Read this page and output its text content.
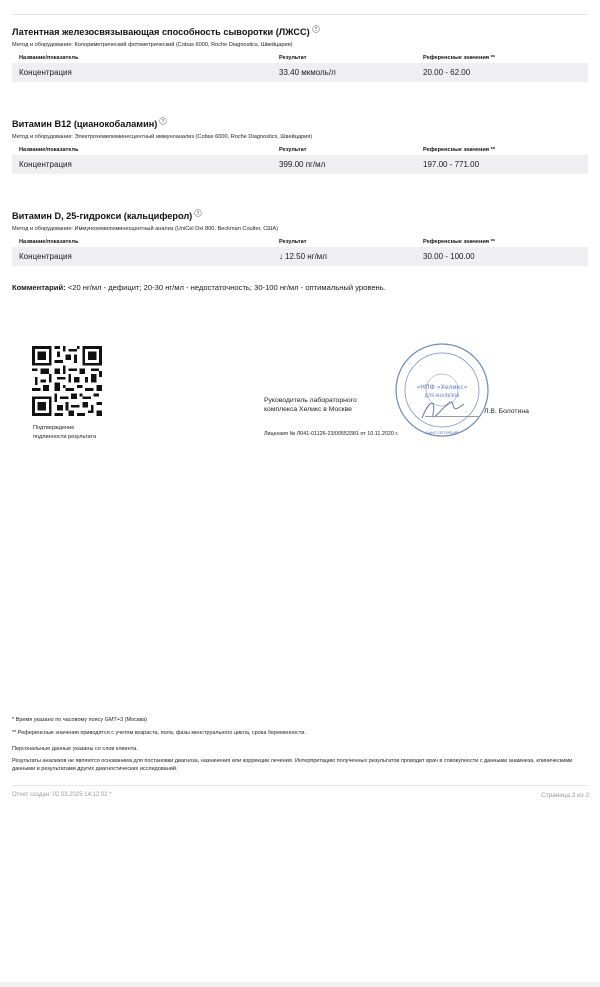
Латентная железосвязывающая способность сыворотки (ЛЖСС) ?
Метод и оборудование: Колориметрический фотометрический (Cobas 6000, Roche Diagnostics, Швейцария)
Название/показатель	Результат	Референсные значения **
Концентрация	33.40 мкмоль/л	20.00 - 62.00
Витамин B12 (цианокобаламин) ?
Метод и оборудование: Электрохемилюминесцентный иммуноанализ (Cobas 6000, Roche Diagnostics, Швейцария)
Название/показатель	Результат	Референсные значения **
Концентрация	399.00 пг/мл	197.00 - 771.00
Витамин D, 25-гидрокси (кальциферол) ?
Метод и оборудование: Иммунохемилюминесцентный анализ (UniCel DxI 800, Beckman Coulter, США)
Название/показатель	Результат	Референсные значения **
Концентрация	↓ 12.50 нг/мл	30.00 - 100.00
Комментарий: <20 нг/мл - дефицит; 20-30 нг/мл - недостаточность; 30-100 нг/мл - оптимальный уровень.
Подтверждение
подлинности результата
Руководитель лабораторного
комплекса Хеликс в Москве
«НПФ «Хеликс»
ДЛЯ АНАЛИЗОВ
САНКТ-ПЕТЕРБУРГ
Л.В. Болотина
Лицензия № Л041-01126-23/00553381 от 10.11.2020 г.
* Время указано по часовому поясу GMT+3 (Москва)
** Референсные значения приводятся с учетом возраста, пола, фазы менструального цикла, срока беременности.
Персональные данные указаны со слов клиента.
Результаты анализов не являются основанием для постановки диагноза, назначения или коррекции лечения. Интерпретацию полученных результатов проводит врач в совокупности с данными анамнеза, клиническими данными и результатами других диагностических исследований.
Отчет создан: 02.03.2025 14:12:02 *	Страница 2 из 2
